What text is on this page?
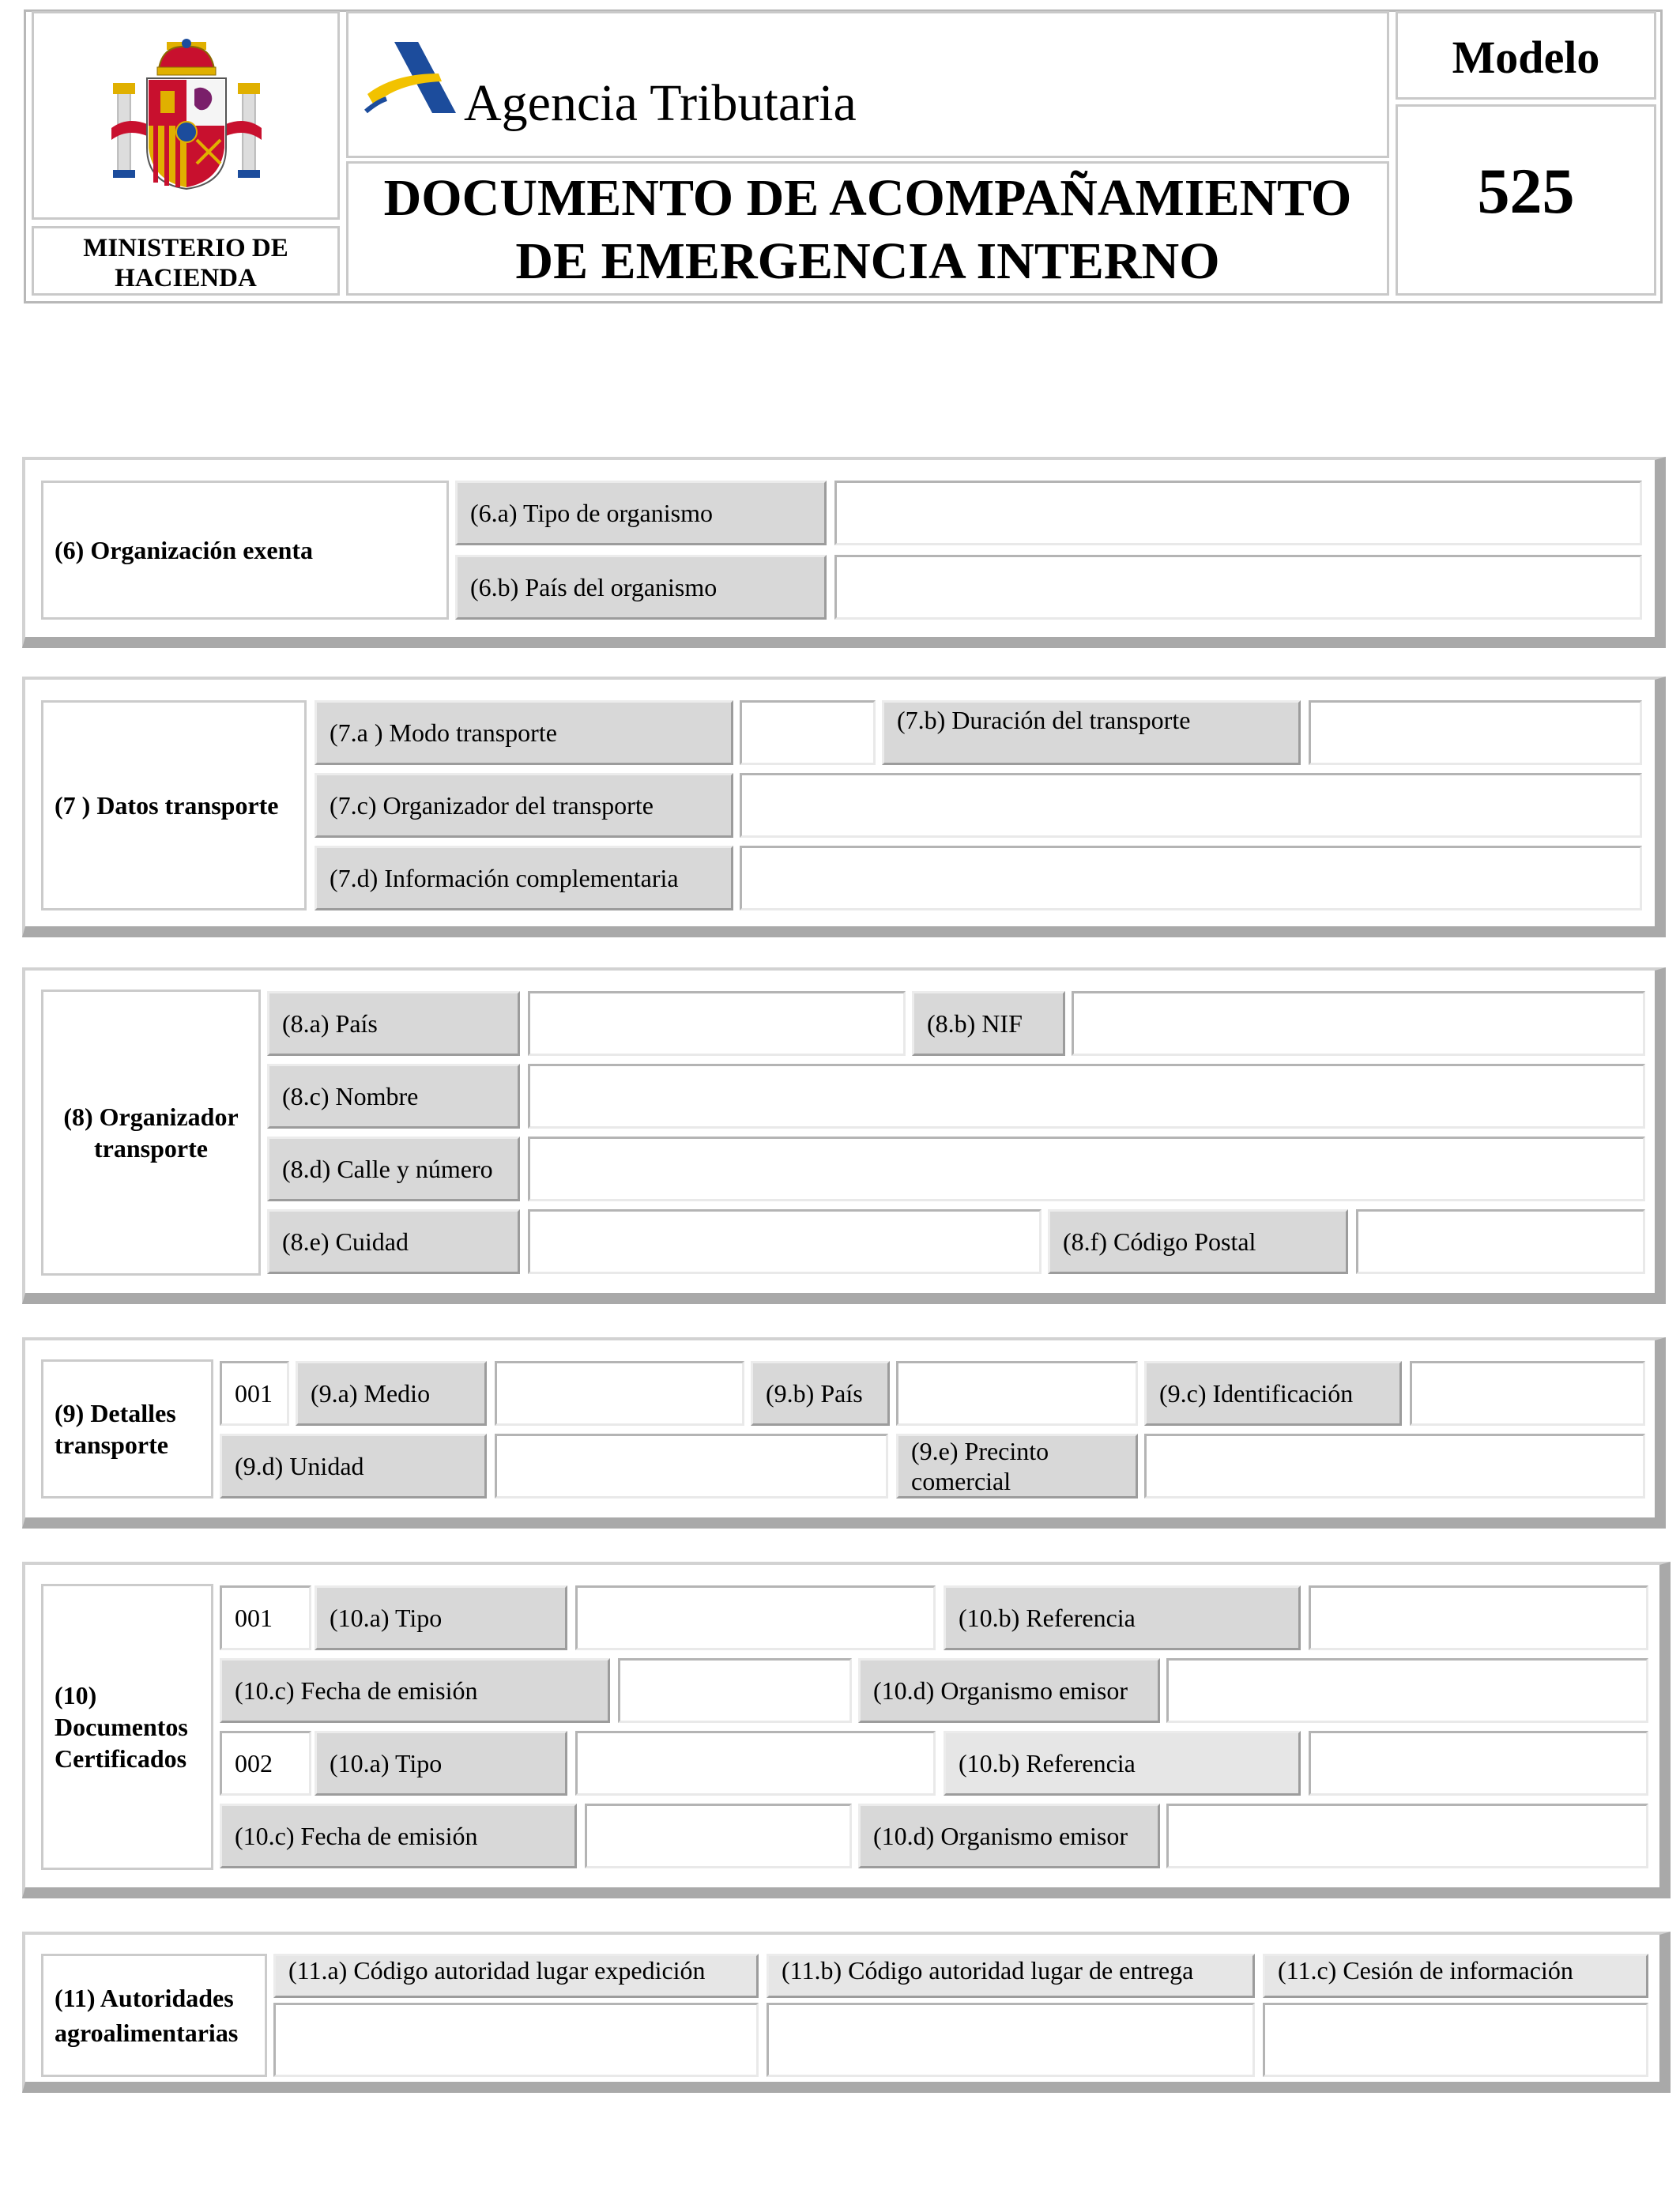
MINISTERIO DE
HACIENDA
Agencia Tributaria
DOCUMENTO DE ACOMPAÑAMIENTO
DE EMERGENCIA INTERNO
Modelo
525
(6) Organización exenta
(6.a) Tipo de organismo
(6.b) País del organismo
(7 ) Datos transporte
(7.a ) Modo transporte	(7.b) Duración del transporte
(7.c) Organizador del transporte
(7.d) Información complementaria
(8) Organizador
transporte
(8.a) País	(8.b) NIF
(8.c) Nombre
(8.d) Calle y número
(8.e) Cuidad	(8.f) Código Postal
(9) Detalles
transporte
001	(9.a) Medio	(9.b) País	(9.c) Identificación
(9.d) Unidad
(9.e) Precinto
comercial
(10)
Documentos
Certificados
001	(10.a) Tipo	(10.b) Referencia
(10.c) Fecha de emisión	(10.d) Organismo emisor
002	(10.a) Tipo	(10.b) Referencia
(10.c) Fecha de emisión	(10.d) Organismo emisor
(11) Autoridades
agroalimentarias
(11.a) Código autoridad lugar expedición	(11.b) Código autoridad lugar de entrega	(11.c) Cesión de información
